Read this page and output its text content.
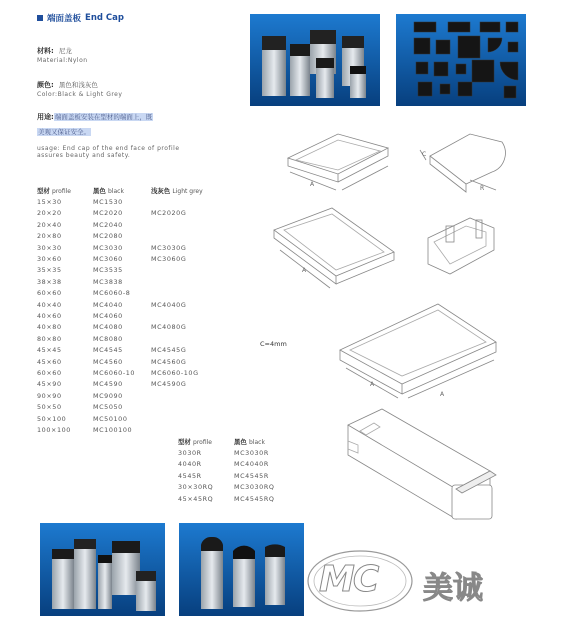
端面盖板 End Cap
材料: 尼龙
Material:Nylon
颜色: 黑色和浅灰色
Color:Black & Light Grey
用途:端面盖板安装在型材的端面上，既
美观又保证安全。
usage: End cap of the end face of profile
assures beauty and safety.
型材 profile	黑色 black	浅灰色 Light grey
15×30	MC1530	
20×20	MC2020	MC2020G
20×40	MC2040	
20×80	MC2080	
30×30	MC3030	MC3030G
30×60	MC3060	MC3060G
35×35	MC3535	
38×38	MC3838	
60×60	MC6060-8	
40×40	MC4040	MC4040G
40×60	MC4060	
40×80	MC4080	MC4080G
80×80	MC8080	
45×45	MC4545	MC4545G
45×60	MC4560	MC4560G
60×60	MC6060-10	MC6060-10G
45×90	MC4590	MC4590G
90×90	MC9090	
50×50	MC5050	
50×100	MC50100	
100×100	MC100100	
型材 profile	黑色 black
3030R	MC3030R
4040R	MC4040R
4545R	MC4545R
30×30RQ	MC3030RQ
45×45RQ	MC4545RQ
A
C
R
A
A
A
C=4mm
MC 美诚
